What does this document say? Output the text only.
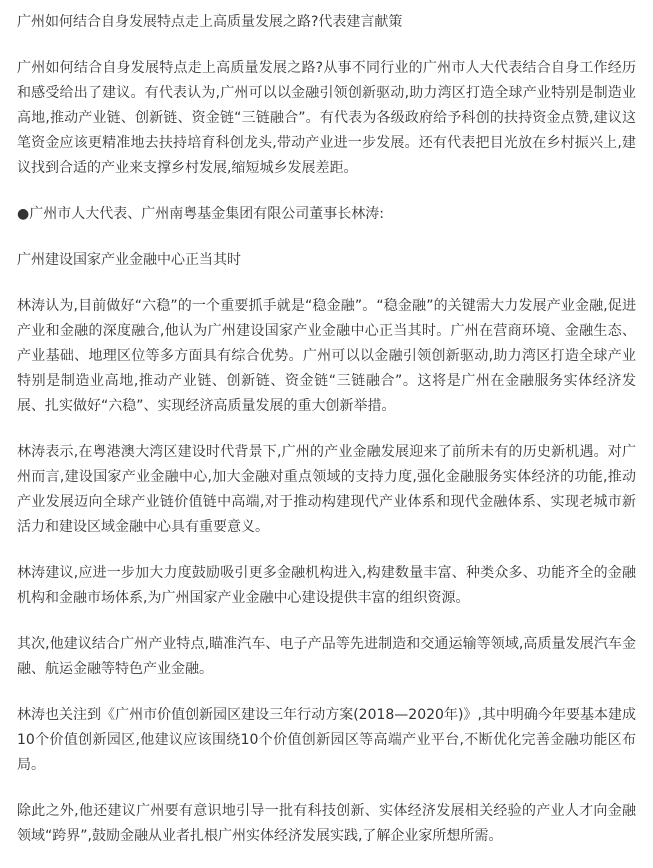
广州如何结合自身发展特点走上高质量发展之路?代表建言献策

广州如何结合自身发展特点走上高质量发展之路?从事不同行业的广州市人大代表结合自身工作经历和感受给出了建议。有代表认为,广州可以以金融引领创新驱动,助力湾区打造全球产业特别是制造业高地,推动产业链、创新链、资金链“三链融合”。有代表为各级政府给予科创的扶持资金点赞,建议这笔资金应该更精准地去扶持培育科创龙头,带动产业进一步发展。还有代表把目光放在乡村振兴上,建议找到合适的产业来支撑乡村发展,缩短城乡发展差距。

●广州市人大代表、广州南粤基金集团有限公司董事长林涛:

广州建设国家产业金融中心正当其时

林涛认为,目前做好“六稳”的一个重要抓手就是“稳金融”。“稳金融”的关键需大力发展产业金融,促进产业和金融的深度融合,他认为广州建设国家产业金融中心正当其时。广州在营商环境、金融生态、产业基础、地理区位等多方面具有综合优势。广州可以以金融引领创新驱动,助力湾区打造全球产业特别是制造业高地,推动产业链、创新链、资金链“三链融合”。这将是广州在金融服务实体经济发展、扎实做好“六稳”、实现经济高质量发展的重大创新举措。

林涛表示,在粤港澳大湾区建设时代背景下,广州的产业金融发展迎来了前所未有的历史新机遇。对广州而言,建设国家产业金融中心,加大金融对重点领域的支持力度,强化金融服务实体经济的功能,推动产业发展迈向全球产业链价值链中高端,对于推动构建现代产业体系和现代金融体系、实现老城市新活力和建设区域金融中心具有重要意义。

林涛建议,应进一步加大力度鼓励吸引更多金融机构进入,构建数量丰富、种类众多、功能齐全的金融机构和金融市场体系,为广州国家产业金融中心建设提供丰富的组织资源。

其次,他建议结合广州产业特点,瞄准汽车、电子产品等先进制造和交通运输等领域,高质量发展汽车金融、航运金融等特色产业金融。

林涛也关注到《广州市价值创新园区建设三年行动方案(2018—2020年)》,其中明确今年要基本建成10个价值创新园区,他建议应该围绕10个价值创新园区等高端产业平台,不断优化完善金融功能区布局。

除此之外,他还建议广州要有意识地引导一批有科技创新、实体经济发展相关经验的产业人才向金融领域“跨界”,鼓励金融从业者扎根广州实体经济发展实践,了解企业家所想所需。
